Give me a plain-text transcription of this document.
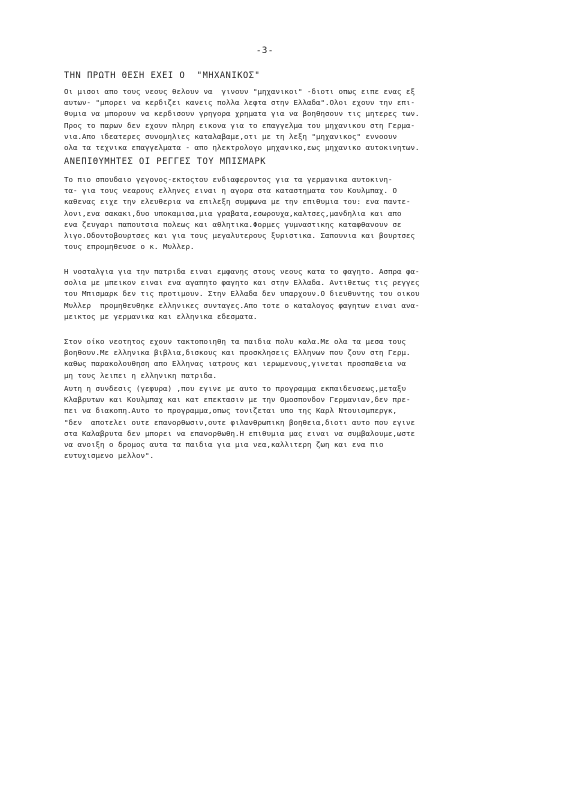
-3-
ΤΗΝ ΠΡΩΤΗ ΘΕΣΗ ΕΧΕΙ Ο  "ΜΗΧΑΝΙΚΟΣ"
Οι μισοι απο τους νεους θελουν να  γινουν "μηχανικοι" -διοτι οπως ειπε ενας εξ
αυτων- "μπορει να κερδιζει κανεις πολλα λεφτα στην Ελλαδα".Ολοι εχουν την επι-
θυμια να μπορουν να κερδισουν γρηγορα χρηματα για να βοηθησουν τις μητερες των.
Προς το παρων δεν εχουν πληρη εικονα για το επαγγελμα του μηχανικου στη Γερμα-
νια.Απο ιδεατερες συνομηλιες καταλαβαμε,οτι με τη λεξη "μηχανικος" εννοουν
ολα τα τεχνικα επαγγελματα - απο ηλεκτρολογο μηχανικο,εως μηχανικο αυτοκινητων.
ΑΝΕΠΙΘΥΜΗΤΕΣ ΟΙ ΡΕΓΓΕΣ ΤΟΥ ΜΠΙΣΜΑΡΚ
Το πιο σπουδαιο γεγονος-εκτοςτου ενδιαφεροντος για τα γερμανικα αυτοκινη-
τα- για τους νεαρους ελληνες ειναι η αγορα στα καταστηματα του Κουλμπαχ. Ο
καθενας ειχε την ελευθερια να επιλεξη συμφωνα με την επιθυμια του: ενα παντε-
λονι,ενα σακακι,δυο υποκαμισα,μια γραβατα,εσωρουχα,καλτσες,μανδηλια και απο
ενα ζευγαρι παπουτσια πολεως και αθλητικα.Φορμες γυμναστικης καταφθανουν σε
λιγο.Οδοντοβουρτσες και για τους μεγαλυτερους ξυριστικα. Σαπουνια και βουρτσες
τους επρομηθευσε ο κ. Μυλλερ.
Η νοσταλγια για την πατριδα ειναι εμφανης στους νεους κατα το φαγητο. Ασπρα φα-
σολια με μπεικον ειναι ενα αγαπητο φαγητο και στην Ελλαδα. Αντιθετως τις ρεγγες
του Μπισμαρκ δεν τις προτιμουν. Στην Ελλαδα δεν υπαρχουν.Ο διευθυντης του οικου
Μυλλερ  προμηθευθηκε ελληνικες συνταγες.Απο τοτε ο καταλογος φαγητων ειναι ανα-
μεικτος με γερμανικα και ελληνικα εδεσματα.
Στον οίκο νεοτητος εχουν τακτοποιηθη τα παιδια πολυ καλα.Με ολα τα μεσα τους
βοηθουν.Με ελληνικα βιβλια,δισκους και προσκλησεις Ελληνων που ζουν στη Γερμ.
καθως παρακολουθηση απο Ελληνας ιατρους και ιερωμενους,γινεται προσπαθεια να
μη τους λειπει η ελληνικη πατριδα.
Αυτη η συνδεσις (γεφυρα) ,που εγινε με αυτο το προγραμμα εκπαιδευσεως,μεταξυ
Κλαβρυτων και Κουλμπαχ και κατ επεκτασιν με την Ομοσπονδον Γερμανιαν,δεν πρε-
πει να διακοπη.Αυτο το προγραμμα,οπως τονιζεται υπο της Καρλ Ντουισμπεργκ,
"δεν  αποτελει ουτε επανορθωσιν,ουτε φιλανθρωπικη βοηθεια,διοτι αυτο που εγινε
στα Καλαβρυτα δεν μπορει να επανορθωθη.Η επιθυμια μας ειναι να συμβαλουμε,ωστε
να ανοιξη ο δρομος αυτα τα παιδια για μια νεα,καλλιτερη ζωη και ενα πιο
ευτυχισμενο μελλον".
